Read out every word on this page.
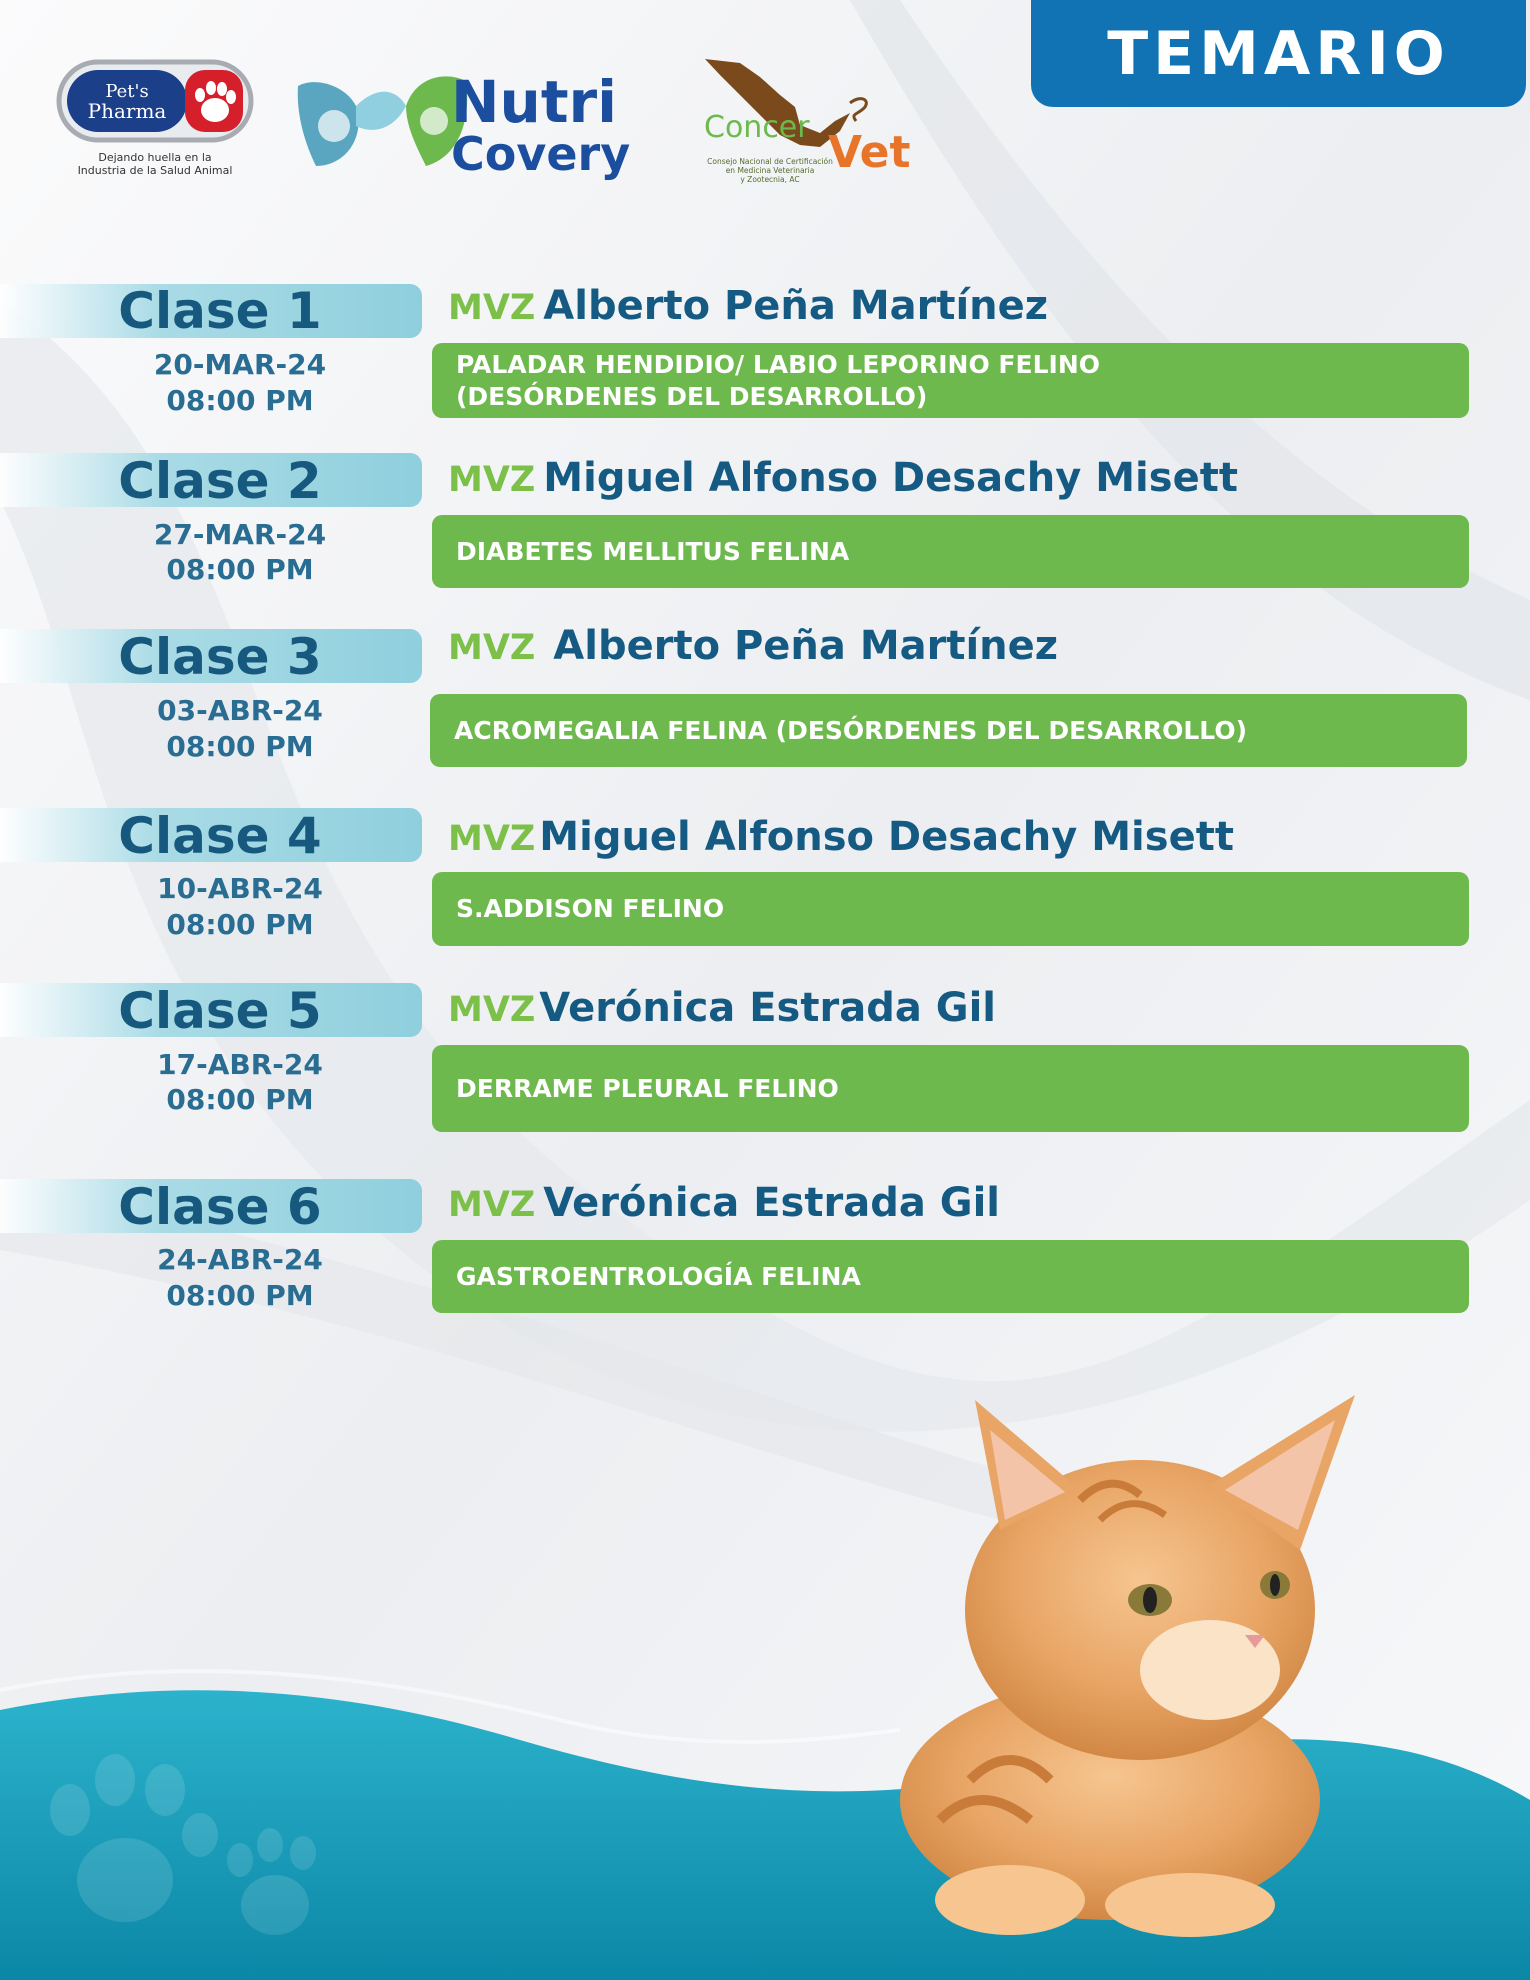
TEMARIO
Pet's
Pharma
Dejando huella en la
Industria de la Salud Animal
Nutri
Covery Concer Vet
Consejo Nacional de Certificación
en Medicina Veterinaria
y Zootecnia, AC
Clase 1
20-MAR-24
08:00 PM
MVZ Alberto Peña Martínez
PALADAR HENDIDIO/ LABIO LEPORINO FELINO
(DESÓRDENES DEL DESARROLLO)
Clase 2
27-MAR-24
08:00 PM
MVZ Miguel Alfonso Desachy Misett
DIABETES MELLITUS FELINA
Clase 3
03-ABR-24
08:00 PM
MVZ Alberto Peña Martínez
ACROMEGALIA FELINA (DESÓRDENES DEL DESARROLLO)
Clase 4
10-ABR-24
08:00 PM
MVZ Miguel Alfonso Desachy Misett
S.ADDISON FELINO
Clase 5
17-ABR-24
08:00 PM
MVZ Verónica Estrada Gil
DERRAME PLEURAL FELINO
Clase 6
24-ABR-24
08:00 PM
MVZ Verónica Estrada Gil
GASTROENTROLOGÍA FELINA
